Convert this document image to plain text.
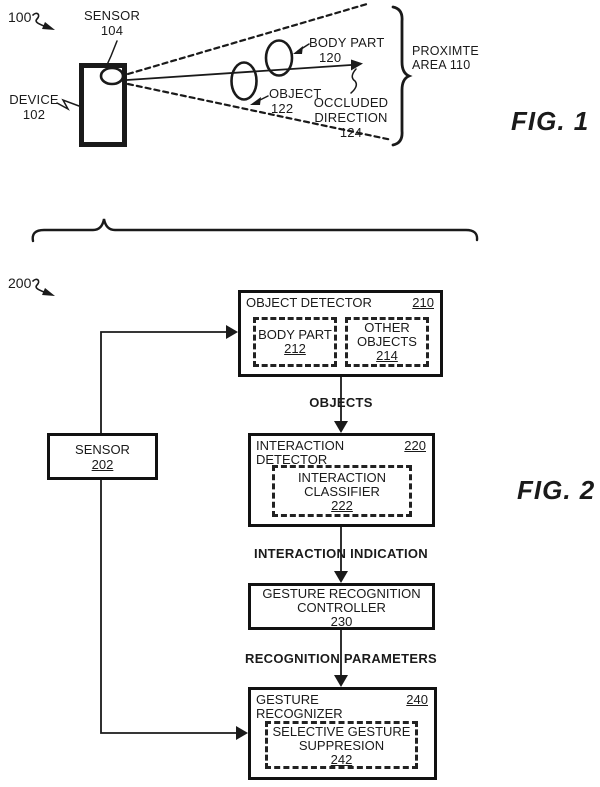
100	SENSOR
104
DEVICE
102
BODY PART
120
OBJECT
122	OCCLUDED
DIRECTION
124
PROXIMTE
AREA 110
FIG. 1
200
SENSOR
202
OBJECT DETECTOR	210
BODY PART
212
OTHER
OBJECTS
214
OBJECTS
INTERACTION
DETECTOR
220
INTERACTION
CLASSIFIER
222
INTERACTION INDICATION
GESTURE RECOGNITION
CONTROLLER
230
RECOGNITION PARAMETERS
GESTURE
RECOGNIZER
240
SELECTIVE GESTURE
SUPPRESION
242
FIG. 2
